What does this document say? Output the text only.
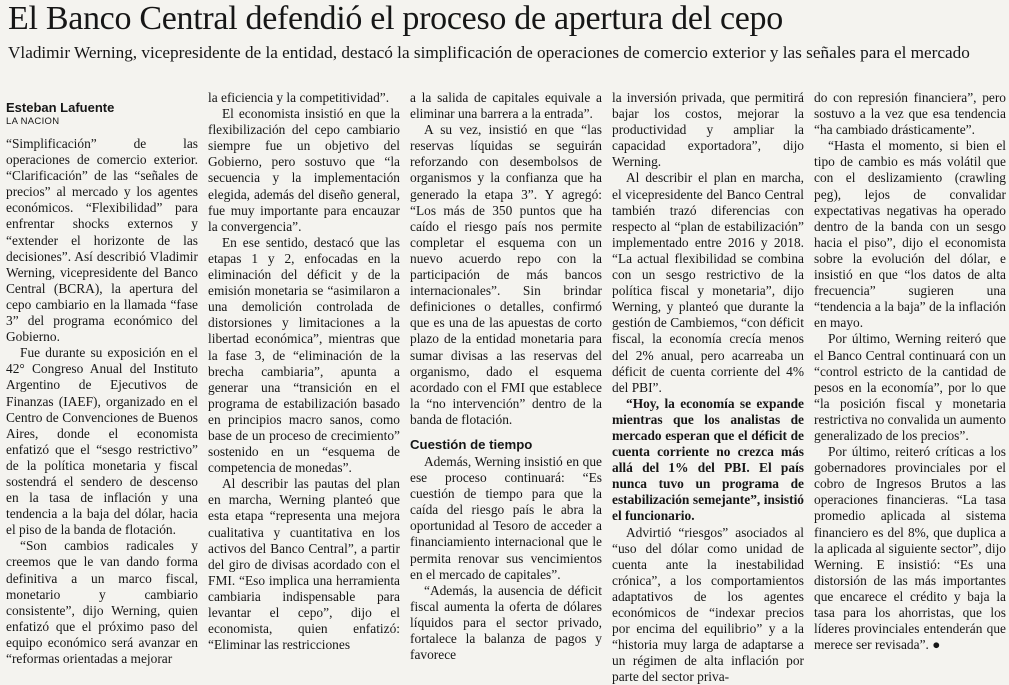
El Banco Central defendió el proceso de apertura del cepo

Vladimir Werning, vicepresidente de la entidad, destacó la simplificación de operaciones de comercio exterior y las señales para el mercado

Esteban Lafuente
LA NACION

“Simplificación” de las operaciones de comercio exterior. “Clarificación” de las “señales de precios” al mercado y los agentes económicos. “Flexibilidad” para enfrentar shocks externos y “extender el horizonte de las decisiones”. Así describió Vladimir Werning, vicepresidente del Banco Central (BCRA), la apertura del cepo cambiario en la llamada “fase 3” del programa económico del Gobierno.

Fue durante su exposición en el 42° Congreso Anual del Instituto Argentino de Ejecutivos de Finanzas (IAEF), organizado en el Centro de Convenciones de Buenos Aires, donde el economista enfatizó que el “sesgo restrictivo” de la política monetaria y fiscal sostendrá el sendero de descenso en la tasa de inflación y una tendencia a la baja del dólar, hacia el piso de la banda de flotación.

“Son cambios radicales y creemos que le van dando forma definitiva a un marco fiscal, monetario y cambiario consistente”, dijo Werning, quien enfatizó que el próximo paso del equipo económico será avanzar en “reformas orientadas a mejorar

la eficiencia y la competitividad”.

El economista insistió en que la flexibilización del cepo cambiario siempre fue un objetivo del Gobierno, pero sostuvo que “la secuencia y la implementación elegida, además del diseño general, fue muy importante para encauzar la convergencia”.

En ese sentido, destacó que las etapas 1 y 2, enfocadas en la eliminación del déficit y de la emisión monetaria se “asimilaron a una demolición controlada de distorsiones y limitaciones a la libertad económica”, mientras que la fase 3, de “eliminación de la brecha cambiaria”, apunta a generar una “transición en el programa de estabilización basado en principios macro sanos, como base de un proceso de crecimiento” sostenido en un “esquema de competencia de monedas”.

Al describir las pautas del plan en marcha, Werning planteó que esta etapa “representa una mejora cualitativa y cuantitativa en los activos del Banco Central”, a partir del giro de divisas acordado con el FMI. “Eso implica una herramienta cambiaria indispensable para levantar el cepo”, dijo el economista, quien enfatizó: “Eliminar las restricciones

a la salida de capitales equivale a eliminar una barrera a la entrada”.

A su vez, insistió en que “las reservas líquidas se seguirán reforzando con desembolsos de organismos y la confianza que ha generado la etapa 3”. Y agregó: “Los más de 350 puntos que ha caído el riesgo país nos permite completar el esquema con un nuevo acuerdo repo con la participación de más bancos internacionales”. Sin brindar definiciones o detalles, confirmó que es una de las apuestas de corto plazo de la entidad monetaria para sumar divisas a las reservas del organismo, dado el esquema acordado con el FMI que establece la “no intervención” dentro de la banda de flotación.

Cuestión de tiempo

Además, Werning insistió en que ese proceso continuará: “Es cuestión de tiempo para que la caída del riesgo país le abra la oportunidad al Tesoro de acceder a financiamiento internacional que le permita renovar sus vencimientos en el mercado de capitales”.

“Además, la ausencia de déficit fiscal aumenta la oferta de dólares líquidos para el sector privado, fortalece la balanza de pagos y favorece

la inversión privada, que permitirá bajar los costos, mejorar la productividad y ampliar la capacidad exportadora”, dijo Werning.

Al describir el plan en marcha, el vicepresidente del Banco Central también trazó diferencias con respecto al “plan de estabilización” implementado entre 2016 y 2018. “La actual flexibilidad se combina con un sesgo restrictivo de la política fiscal y monetaria”, dijo Werning, y planteó que durante la gestión de Cambiemos, “con déficit fiscal, la economía crecía menos del 2% anual, pero acarreaba un déficit de cuenta corriente del 4% del PBI”.

“Hoy, la economía se expande mientras que los analistas de mercado esperan que el déficit de cuenta corriente no crezca más allá del 1% del PBI. El país nunca tuvo un programa de estabilización semejante”, insistió el funcionario.

Advirtió “riesgos” asociados al “uso del dólar como unidad de cuenta ante la inestabilidad crónica”, a los comportamientos adaptativos de los agentes económicos de “indexar precios por encima del equilibrio” y a la “historia muy larga de adaptarse a un régimen de alta inflación por parte del sector priva-

do con represión financiera”, pero sostuvo a la vez que esa tendencia “ha cambiado drásticamente”.

“Hasta el momento, si bien el tipo de cambio es más volátil que con el deslizamiento (crawling peg), lejos de convalidar expectativas negativas ha operado dentro de la banda con un sesgo hacia el piso”, dijo el economista sobre la evolución del dólar, e insistió en que “los datos de alta frecuencia” sugieren una “tendencia a la baja” de la inflación en mayo.

Por último, Werning reiteró que el Banco Central continuará con un “control estricto de la cantidad de pesos en la economía”, por lo que “la posición fiscal y monetaria restrictiva no convalida un aumento generalizado de los precios”.

Por último, reiteró críticas a los gobernadores provinciales por el cobro de Ingresos Brutos a las operaciones financieras. “La tasa promedio aplicada al sistema financiero es del 8%, que duplica a la aplicada al siguiente sector”, dijo Werning. E insistió: “Es una distorsión de las más importantes que encarece el crédito y baja la tasa para los ahorristas, que los líderes provinciales entenderán que merece ser revisada”. ●
